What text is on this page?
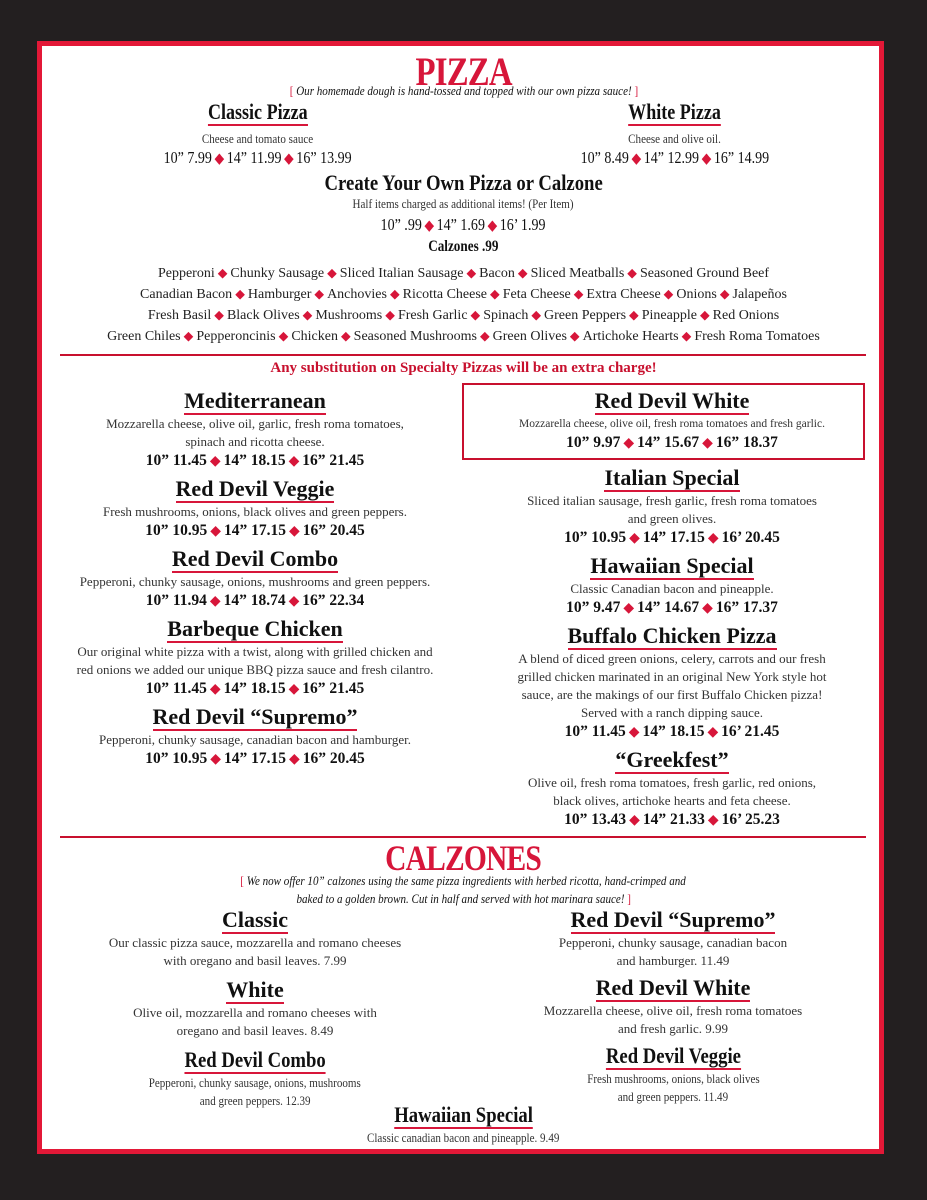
PIZZA
[ Our homemade dough is hand-tossed and topped with our own pizza sauce! ]
Classic Pizza
Cheese and tomato sauce
10” 7.99 ◆ 14” 11.99 ◆ 16” 13.99
White Pizza
Cheese and olive oil.
10” 8.49 ◆ 14” 12.99 ◆ 16” 14.99
Create Your Own Pizza or Calzone
Half items charged as additional items! (Per Item)
10” .99 ◆ 14” 1.69 ◆ 16’ 1.99
Calzones .99
Pepperoni ◆ Chunky Sausage ◆ Sliced Italian Sausage ◆ Bacon ◆ Sliced Meatballs ◆ Seasoned Ground Beef
Canadian Bacon ◆ Hamburger ◆ Anchovies ◆ Ricotta Cheese ◆ Feta Cheese ◆ Extra Cheese ◆ Onions ◆ Jalapeños
Fresh Basil ◆ Black Olives ◆ Mushrooms ◆ Fresh Garlic ◆ Spinach ◆ Green Peppers ◆ Pineapple ◆ Red Onions
Green Chiles ◆ Pepperoncinis ◆ Chicken ◆ Seasoned Mushrooms ◆ Green Olives ◆ Artichoke Hearts ◆ Fresh Roma Tomatoes
Any substitution on Specialty Pizzas will be an extra charge!
Mediterranean
Mozzarella cheese, olive oil, garlic, fresh roma tomatoes,
spinach and ricotta cheese.
10” 11.45 ◆ 14” 18.15 ◆ 16” 21.45
Red Devil Veggie
Fresh mushrooms, onions, black olives and green peppers.
10” 10.95 ◆ 14” 17.15 ◆ 16” 20.45
Red Devil Combo
Pepperoni, chunky sausage, onions, mushrooms and green peppers.
10” 11.94 ◆ 14” 18.74 ◆ 16” 22.34
Barbeque Chicken
Our original white pizza with a twist, along with grilled chicken and
red onions we added our unique BBQ pizza sauce and fresh cilantro.
10” 11.45 ◆ 14” 18.15 ◆ 16” 21.45
Red Devil “Supremo”
Pepperoni, chunky sausage, canadian bacon and hamburger.
10” 10.95 ◆ 14” 17.15 ◆ 16” 20.45
Red Devil White
Mozzarella cheese, olive oil, fresh roma tomatoes and fresh garlic.
10” 9.97 ◆ 14” 15.67 ◆ 16” 18.37
Italian Special
Sliced italian sausage, fresh garlic, fresh roma tomatoes
and green olives.
10” 10.95 ◆ 14” 17.15 ◆ 16’ 20.45
Hawaiian Special
Classic Canadian bacon and pineapple.
10” 9.47 ◆ 14” 14.67 ◆ 16” 17.37
Buffalo Chicken Pizza
A blend of diced green onions, celery, carrots and our fresh
grilled chicken marinated in an original New York style hot
sauce, are the makings of our first Buffalo Chicken pizza!
Served with a ranch dipping sauce.
10” 11.45 ◆ 14” 18.15 ◆ 16’ 21.45
“Greekfest”
Olive oil, fresh roma tomatoes, fresh garlic, red onions,
black olives, artichoke hearts and feta cheese.
10” 13.43 ◆ 14” 21.33 ◆ 16’ 25.23
CALZONES
[ We now offer 10” calzones using the same pizza ingredients with herbed ricotta, hand-crimped and
baked to a golden brown. Cut in half and served with hot marinara sauce! ]
Classic
Our classic pizza sauce, mozzarella and romano cheeses
with oregano and basil leaves. 7.99
White
Olive oil, mozzarella and romano cheeses with
oregano and basil leaves. 8.49
Red Devil Combo
Pepperoni, chunky sausage, onions, mushrooms
and green peppers. 12.39
Red Devil “Supremo”
Pepperoni, chunky sausage, canadian bacon
and hamburger. 11.49
Red Devil White
Mozzarella cheese, olive oil, fresh roma tomatoes
and fresh garlic. 9.99
Red Devil Veggie
Fresh mushrooms, onions, black olives
and green peppers. 11.49
Hawaiian Special
Classic canadian bacon and pineapple. 9.49
